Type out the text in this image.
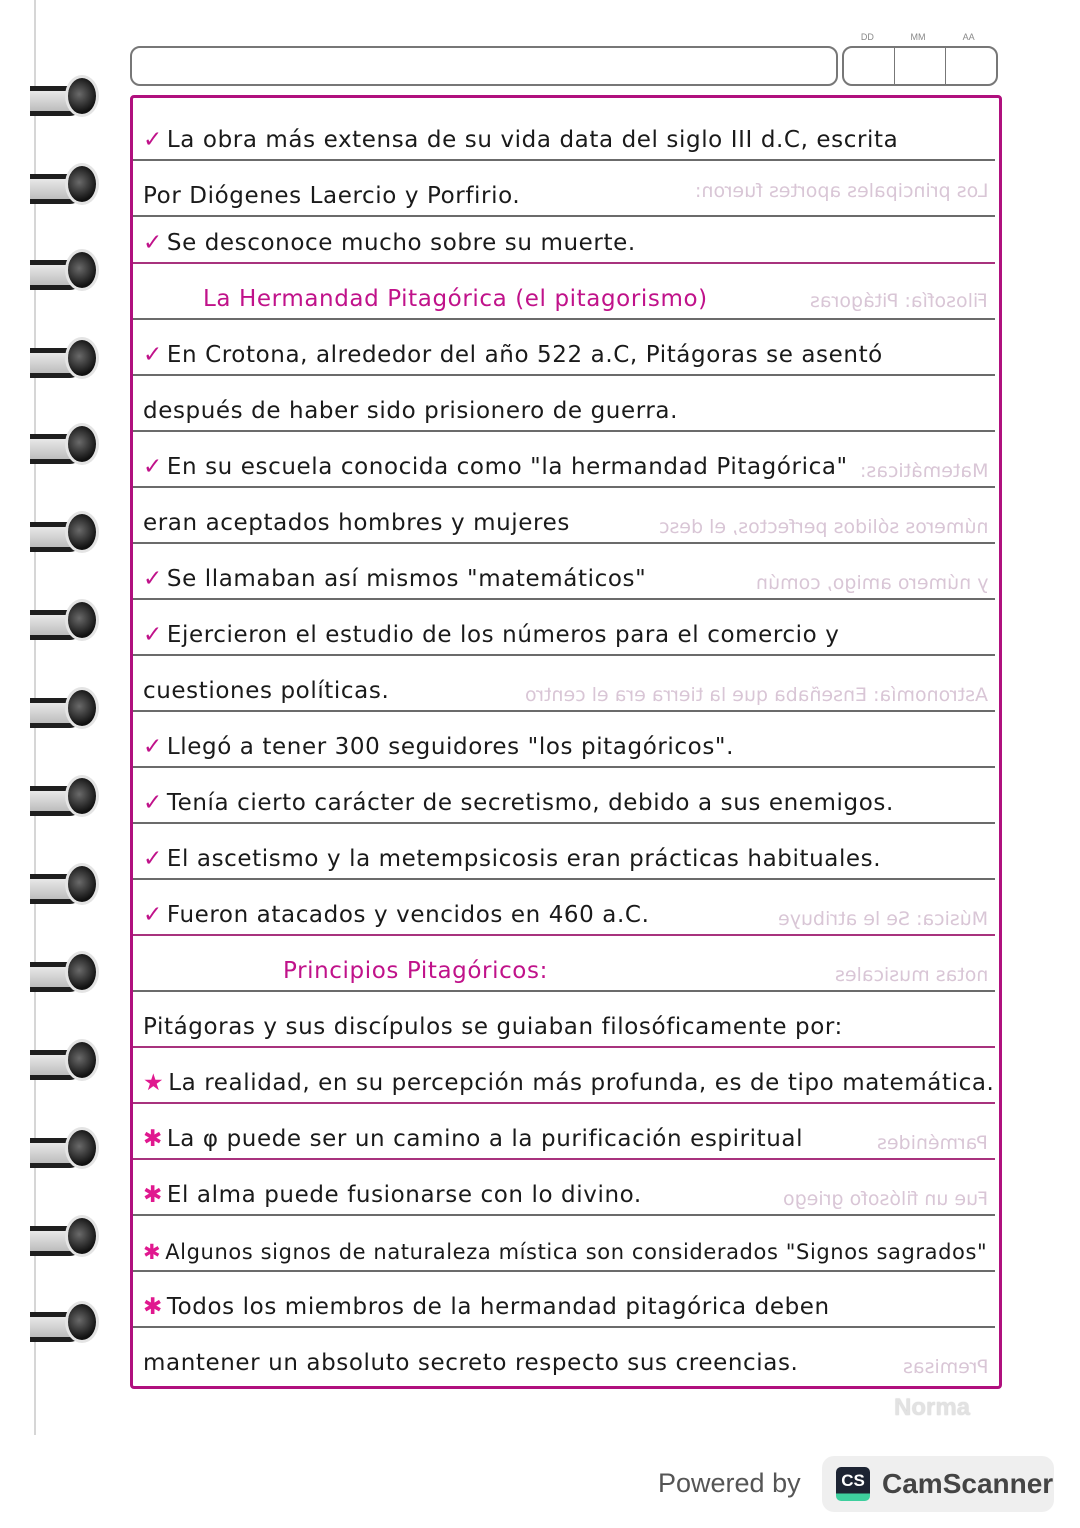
DD	MM	AA
Los principales aportes fueron:
Filosofía: Pitágoras
Matemáticas:
números sólidos perfectos, el desc
y número amigo, común
Astronomía: Enseñaba que la tierra era el centro
Música: Se le atribuye
notas musicales
Parménides
Fue un filósofo griego
Premisas
✓ La obra más extensa de su vida data del siglo III d.C, escrita
Por Diógenes Laercio y Porfirio.
✓ Se desconoce mucho sobre su muerte.
La Hermandad Pitagórica (el pitagorismo)
✓ En Crotona, alrededor del año 522 a.C, Pitágoras se asentó
después de haber sido prisionero de guerra.
✓ En su escuela conocida como "la hermandad Pitagórica"
eran aceptados hombres y mujeres
✓ Se llamaban así mismos "matemáticos"
✓ Ejercieron el estudio de los números para el comercio y
cuestiones políticas.
✓ Llegó a tener 300 seguidores "los pitagóricos".
✓ Tenía cierto carácter de secretismo, debido a sus enemigos.
✓ El ascetismo y la metempsicosis eran prácticas habituales.
✓ Fueron atacados y vencidos en 460 a.C.
Principios Pitagóricos:
Pitágoras y sus discípulos se guiaban filosóficamente por:
★ La realidad, en su percepción más profunda, es de tipo matemática.
✱ La φ puede ser un camino a la purificación espiritual
✱ El alma puede fusionarse con lo divino.
✱ Algunos signos de naturaleza mística son considerados "Signos sagrados"
✱ Todos los miembros de la hermandad pitagórica deben
mantener un absoluto secreto respecto sus creencias.
Norma
Powered by	CS CamScanner
